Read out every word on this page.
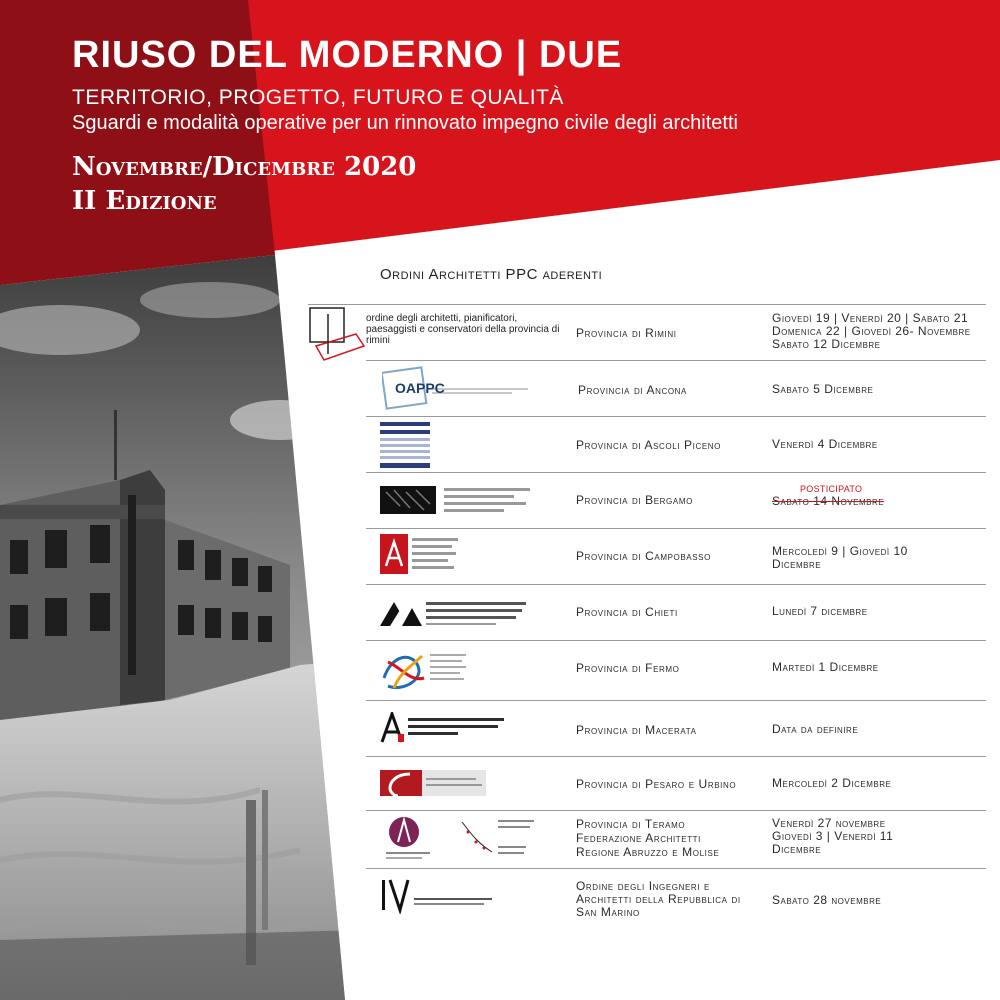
RIUSO DEL MODERNO | DUE
TERRITORIO, PROGETTO, FUTURO E QUALITÀ
Sguardi e modalità operative per un rinnovato impegno civile degli architetti
Novembre/Dicembre 2020
II Edizione
Ordini Architetti PPC aderenti
ordine degli architetti, pianificatori, paesaggisti e conservatori della provincia di rimini
OAPPC
Provincia di Rimini
Provincia di Ancona
Provincia di Ascoli Piceno
Provincia di Bergamo
Provincia di Campobasso
Provincia di Chieti
Provincia di Fermo
Provincia di Macerata
Provincia di Pesaro e Urbino
Provincia di Teramo Federazione Architetti Regione Abruzzo e Molise
Ordine degli Ingegneri e Architetti della Repubblica di San Marino
Giovedì 19 | Venerdì 20 | Sabato 21 Domenica 22 | Giovedì 26- Novembre Sabato 12 Dicembre
Sabato 5 Dicembre
Venerdì 4 Dicembre
POSTICIPATO
Sabato 14 Novembre
Mercoledì 9 | Giovedì 10 Dicembre
Lunedì 7 dicembre
Martedì 1 Dicembre
Data da definire
Mercoledì 2 Dicembre
Venerdì 27 novembre Giovedì 3 | Venerdì 11 Dicembre
Sabato 28 novembre
